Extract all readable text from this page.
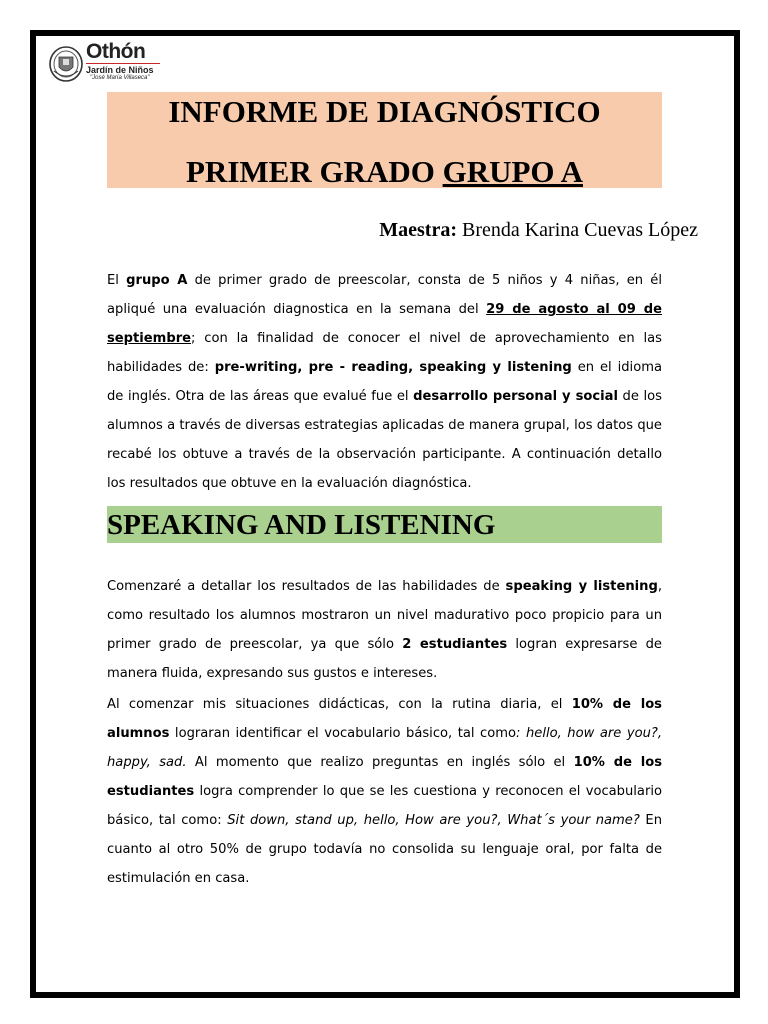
Othón
Jardín de Niños
"José María Villaseca"
INFORME DE DIAGNÓSTICO
PRIMER GRADO GRUPO A
Maestra: Brenda Karina Cuevas López
El grupo A de primer grado de preescolar, consta de 5 niños y 4 niñas, en él apliqué una evaluación diagnostica en la semana del 29 de agosto al 09 de septiembre; con la finalidad de conocer el nivel de aprovechamiento en las habilidades de: pre-writing, pre - reading, speaking y listening en el idioma de inglés. Otra de las áreas que evalué fue el desarrollo personal y social de los alumnos a través de diversas estrategias aplicadas de manera grupal, los datos que recabé los obtuve a través de la observación participante. A continuación detallo los resultados que obtuve en la evaluación diagnóstica.
SPEAKING AND LISTENING
Comenzaré a detallar los resultados de las habilidades de speaking y listening, como resultado los alumnos mostraron un nivel madurativo poco propicio para un primer grado de preescolar, ya que sólo 2 estudiantes logran expresarse de manera fluida, expresando sus gustos e intereses.
Al comenzar mis situaciones didácticas, con la rutina diaria, el 10% de los alumnos lograran identificar el vocabulario básico, tal como: hello, how are you?, happy, sad. Al momento que realizo preguntas en inglés sólo el 10% de los estudiantes logra comprender lo que se les cuestiona y reconocen el vocabulario básico, tal como: Sit down, stand up, hello, How are you?, What´s your name? En cuanto al otro 50% de grupo todavía no consolida su lenguaje oral, por falta de estimulación en casa.
